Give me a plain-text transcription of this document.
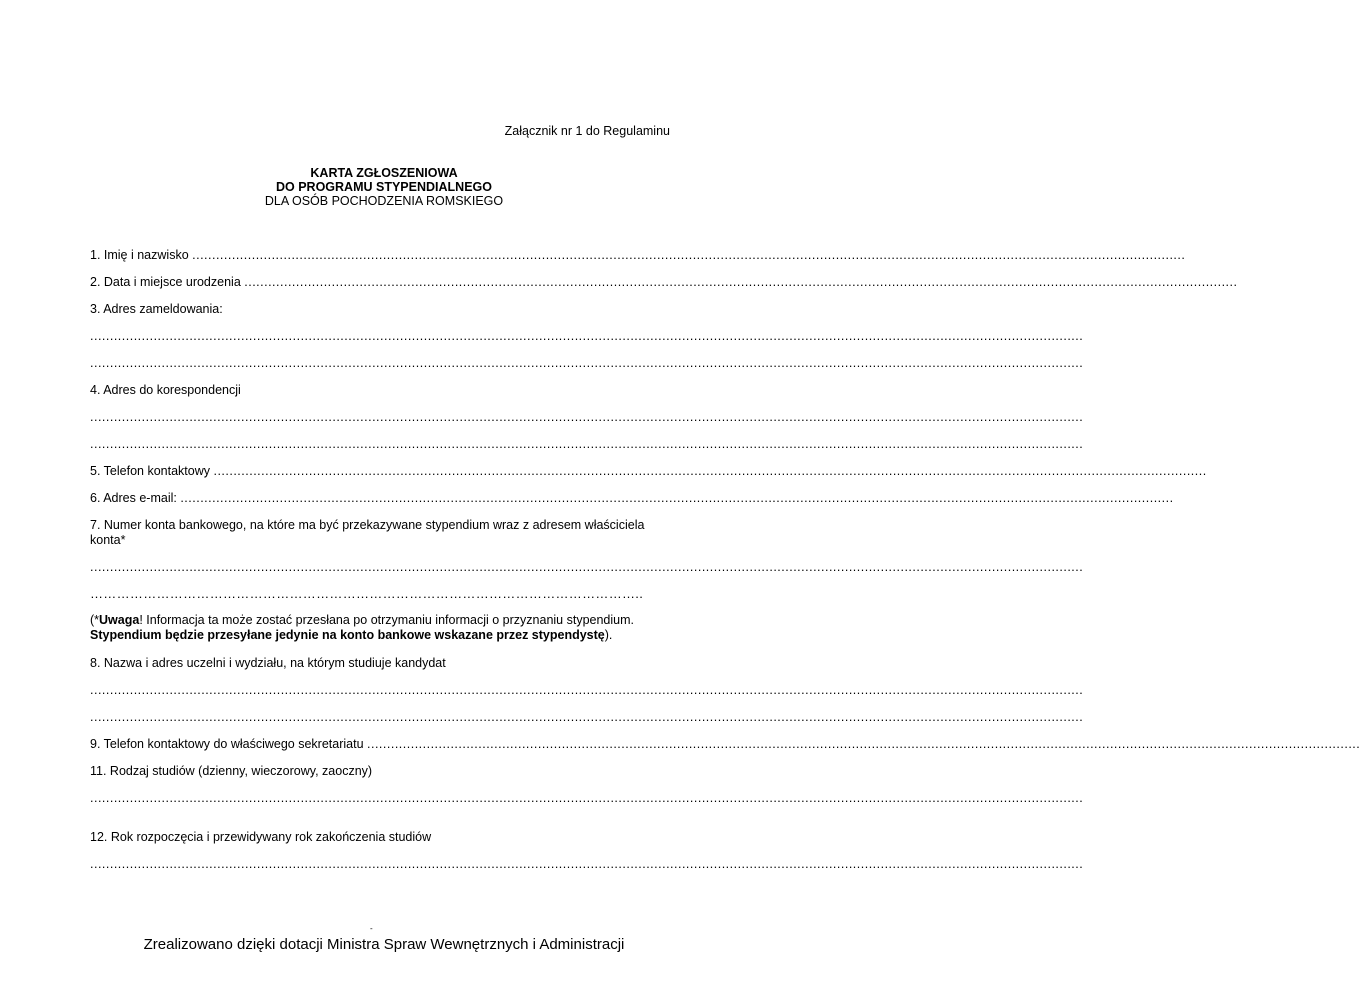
Załącznik nr 1 do Regulaminu
KARTA ZGŁOSZENIOWA
DO PROGRAMU STYPENDIALNEGO
DLA OSÓB POCHODZENIA ROMSKIEGO
1. Imię i nazwisko ..........................................................................................................................................................................................................................................................
2. Data i miejsce urodzenia ..........................................................................................................................................................................................................................................................
3. Adres zameldowania:
..........................................................................................................................................................................................................................................................
..........................................................................................................................................................................................................................................................
4. Adres do korespondencji
..........................................................................................................................................................................................................................................................
..........................................................................................................................................................................................................................................................
5. Telefon kontaktowy ..........................................................................................................................................................................................................................................................
6. Adres e-mail: ..........................................................................................................................................................................................................................................................
7. Numer konta bankowego, na które ma być przekazywane stypendium wraz z adresem właściciela konta*
..........................................................................................................................................................................................................................................................
……………………………………………………………………………………………………………..
(*Uwaga! Informacja ta może zostać przesłana po otrzymaniu informacji o przyznaniu stypendium.
Stypendium będzie przesyłane jedynie na konto bankowe wskazane przez stypendystę).
8. Nazwa i adres uczelni i wydziału, na którym studiuje kandydat
..........................................................................................................................................................................................................................................................
..........................................................................................................................................................................................................................................................
9. Telefon kontaktowy do właściwego sekretariatu ..........................................................................................................................................................................................................................................................
11. Rodzaj studiów (dzienny, wieczorowy, zaoczny)
..........................................................................................................................................................................................................................................................
12. Rok rozpoczęcia i przewidywany rok zakończenia studiów
..........................................................................................................................................................................................................................................................
-
Zrealizowano dzięki dotacji Ministra Spraw Wewnętrznych i Administracji
